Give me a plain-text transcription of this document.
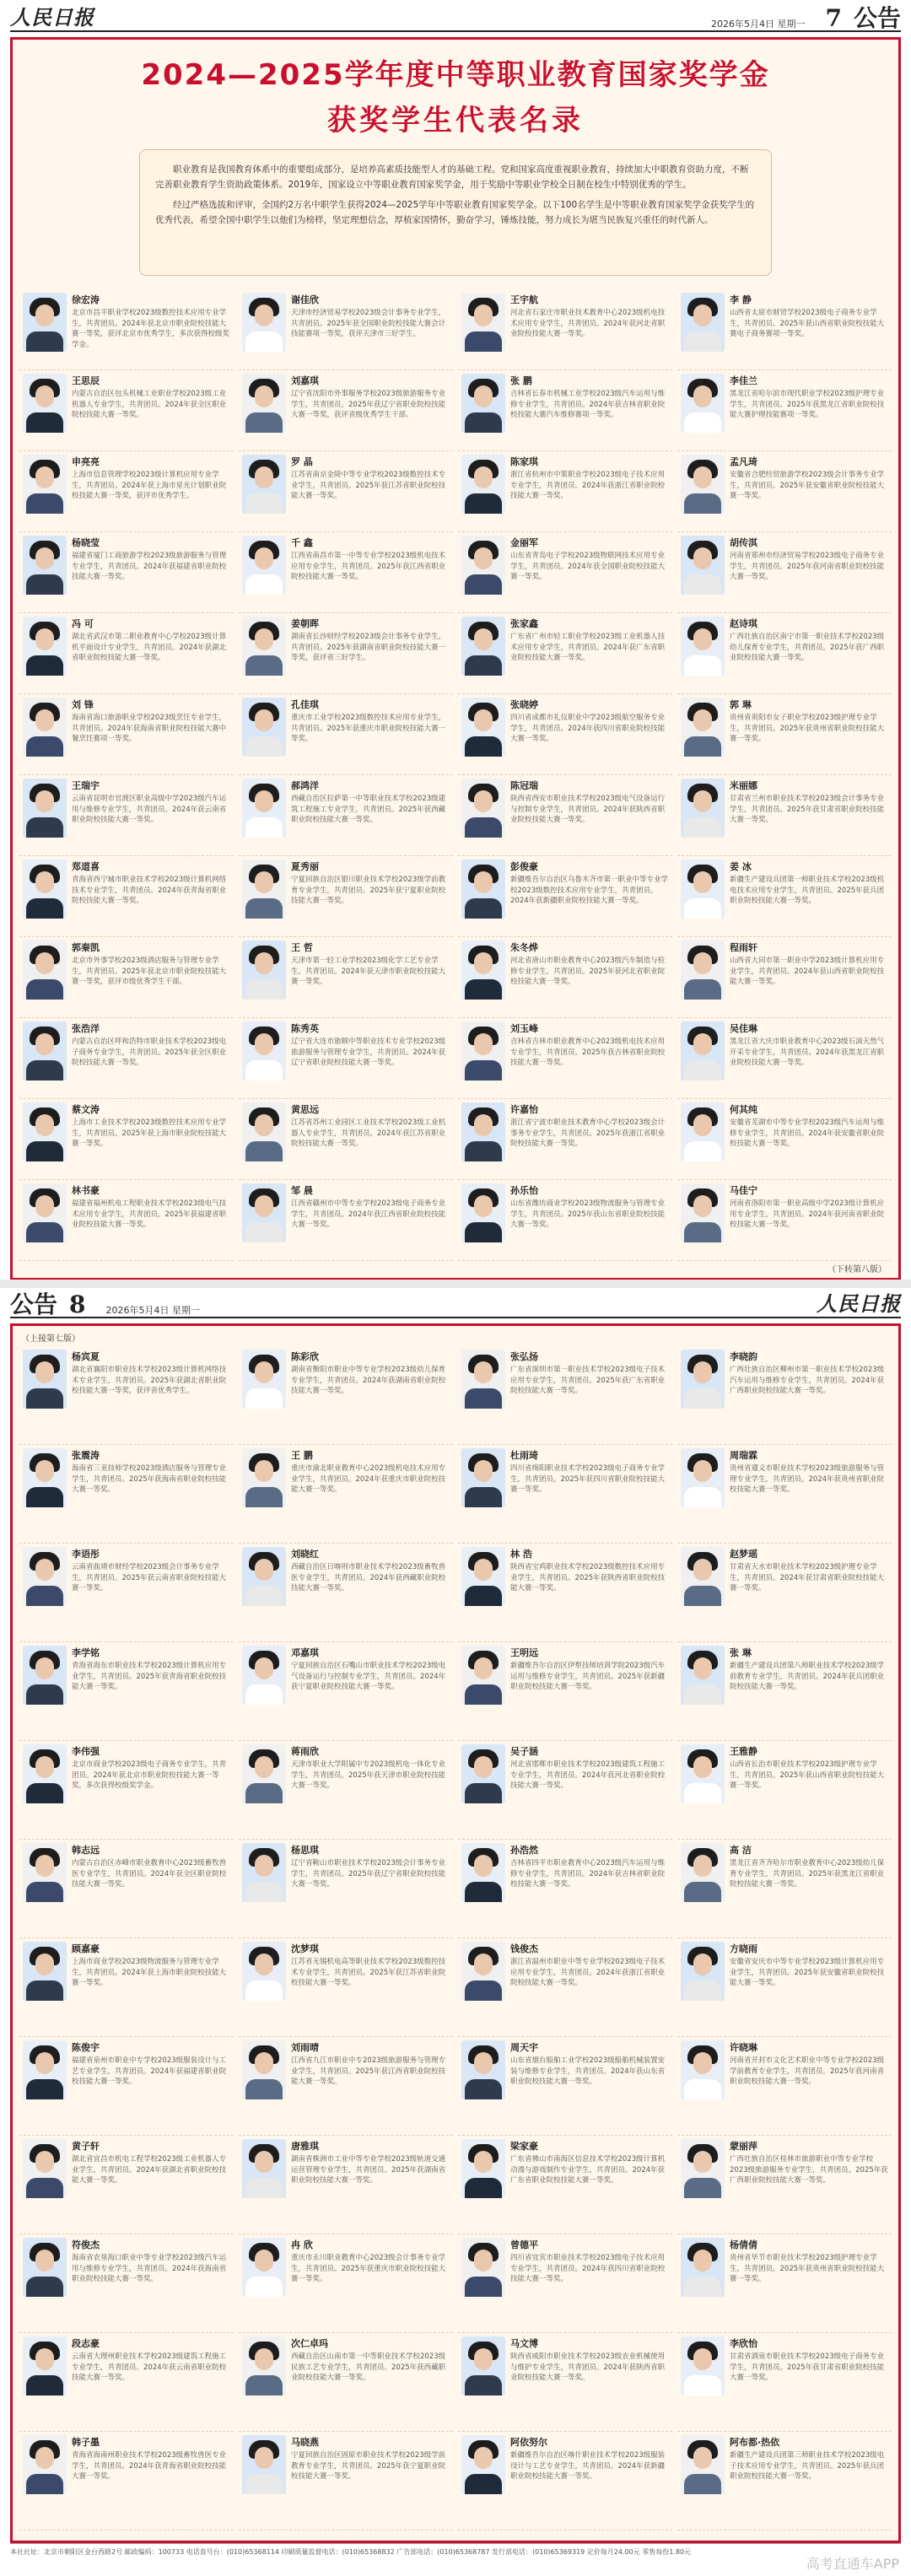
人民日报	2026年5月4日 星期一 7 公告
2024—2025学年度中等职业教育国家奖学金
获奖学生代表名录

职业教育是我国教育体系中的重要组成部分，是培养高素质技能型人才的基础工程。党和国家高度重视职业教育，持续加大中职教育资助力度，不断完善职业教育学生资助政策体系。2019年，国家设立中等职业教育国家奖学金，用于奖励中等职业学校全日制在校生中特别优秀的学生。

经过严格选拔和评审，全国约2万名中职学生获得2024—2025学年中等职业教育国家奖学金。以下100名学生是中等职业教育国家奖学金获奖学生的优秀代表，希望全国中职学生以他们为榜样，坚定理想信念，厚植家国情怀，勤奋学习，锤炼技能，努力成长为堪当民族复兴重任的时代新人。

徐宏涛
北京市昌平职业学校2023级数控技术应用专业学生，共青团员。2024年获北京市职业院校技能大赛一等奖，获评北京市优秀学生，多次获得校级奖学金。
谢佳欣
天津市经济贸易学校2023级会计事务专业学生，共青团员。2025年获全国职业院校技能大赛会计技能赛项一等奖，获评天津市三好学生。
王宇航
河北省石家庄市职业技术教育中心2023级机电技术应用专业学生，共青团员。2024年获河北省职业院校技能大赛一等奖。
李 静
山西省太原市财贸学校2023级电子商务专业学生，共青团员。2025年获山西省职业院校技能大赛电子商务赛项一等奖。
王思辰
内蒙古自治区包头机械工业职业学校2023级工业机器人专业学生，共青团员。2024年获全区职业院校技能大赛一等奖。
刘嘉琪
辽宁省沈阳市外事服务学校2023级旅游服务专业学生，共青团员。2025年获辽宁省职业院校技能大赛一等奖，获评省级优秀学生干部。
张 鹏
吉林省长春市机械工业学校2023级汽车运用与维修专业学生，共青团员。2024年获吉林省职业院校技能大赛汽车维修赛项一等奖。
李佳兰
黑龙江省哈尔滨市现代职业学校2023级护理专业学生，共青团员。2025年获黑龙江省职业院校技能大赛护理技能赛项一等奖。
申亮亮
上海市信息管理学校2023级计算机应用专业学生，共青团员。2024年获上海市星光计划职业院校技能大赛一等奖，获评市优秀学生。
罗 晶
江苏省南京金陵中等专业学校2023级数控技术专业学生，共青团员。2025年获江苏省职业院校技能大赛一等奖。
陈家琪
浙江省杭州市中策职业学校2023级电子技术应用专业学生，共青团员。2024年获浙江省职业院校技能大赛一等奖。
孟凡琦
安徽省合肥经贸旅游学校2023级会计事务专业学生，共青团员。2025年获安徽省职业院校技能大赛一等奖。
杨晓莹
福建省厦门工商旅游学校2023级旅游服务与管理专业学生，共青团员。2024年获福建省职业院校技能大赛一等奖。
千 鑫
江西省南昌市第一中等专业学校2023级机电技术应用专业学生，共青团员。2025年获江西省职业院校技能大赛一等奖。
金丽军
山东省青岛电子学校2023级物联网技术应用专业学生，共青团员。2024年获全国职业院校技能大赛一等奖。
胡传淇
河南省郑州市经济贸易学校2023级电子商务专业学生，共青团员。2025年获河南省职业院校技能大赛一等奖。
冯 可
湖北省武汉市第二职业教育中心学校2023级计算机平面设计专业学生，共青团员。2024年获湖北省职业院校技能大赛一等奖。
姜朝晖
湖南省长沙财经学校2023级会计事务专业学生，共青团员。2025年获湖南省职业院校技能大赛一等奖，获评省三好学生。
张家鑫
广东省广州市轻工职业学校2023级工业机器人技术应用专业学生，共青团员。2024年获广东省职业院校技能大赛一等奖。
赵诗琪
广西壮族自治区南宁市第一职业技术学校2023级幼儿保育专业学生，共青团员。2025年获广西职业院校技能大赛一等奖。
刘 锋
海南省海口旅游职业学校2023级烹饪专业学生，共青团员。2024年获海南省职业院校技能大赛中餐烹饪赛项一等奖。
孔佳琪
重庆市工业学校2023级数控技术应用专业学生，共青团员。2025年获重庆市职业院校技能大赛一等奖。
张晓婷
四川省成都市礼仪职业中学2023级航空服务专业学生，共青团员。2024年获四川省职业院校技能大赛一等奖。
郭 琳
贵州省贵阳市女子职业学校2023级护理专业学生，共青团员。2025年获贵州省职业院校技能大赛一等奖。
王瑞宇
云南省昆明市官渡区职业高级中学2023级汽车运用与维修专业学生，共青团员。2024年获云南省职业院校技能大赛一等奖。
郝鸿洋
西藏自治区拉萨第一中等职业技术学校2023级建筑工程施工专业学生，共青团员。2025年获西藏职业院校技能大赛一等奖。
陈冠瑞
陕西省西安市职业技术学校2023级电气设备运行与控制专业学生，共青团员。2024年获陕西省职业院校技能大赛一等奖。
米丽娜
甘肃省兰州市职业技术学校2023级会计事务专业学生，共青团员。2025年获甘肃省职业院校技能大赛一等奖。
郑道喜
青海省西宁城市职业技术学校2023级计算机网络技术专业学生，共青团员。2024年获青海省职业院校技能大赛一等奖。
夏秀丽
宁夏回族自治区银川职业技术学校2023级学前教育专业学生，共青团员。2025年获宁夏职业院校技能大赛一等奖。
彭俊豪
新疆维吾尔自治区乌鲁木齐市第一职业中等专业学校2023级数控技术应用专业学生，共青团员。2024年获新疆职业院校技能大赛一等奖。
姜 冰
新疆生产建设兵团第一师职业技术学校2023级机电技术应用专业学生，共青团员。2025年获兵团职业院校技能大赛一等奖。
郭秦凯
北京市外事学校2023级酒店服务与管理专业学生，共青团员。2025年获北京市职业院校技能大赛一等奖，获评市级优秀学生干部。
王 哲
天津市第一轻工业学校2023级化学工艺专业学生，共青团员。2024年获天津市职业院校技能大赛一等奖。
朱冬烨
河北省唐山市职业教育中心2023级汽车制造与检修专业学生，共青团员。2025年获河北省职业院校技能大赛一等奖。
程雨轩
山西省大同市第一职业中学2023级计算机应用专业学生，共青团员。2024年获山西省职业院校技能大赛一等奖。
张浩洋
内蒙古自治区呼和浩特市职业技术学校2023级电子商务专业学生，共青团员。2025年获全区职业院校技能大赛一等奖。
陈秀英
辽宁省大连市旅顺中等职业技术专业学校2023级旅游服务与管理专业学生，共青团员。2024年获辽宁省职业院校技能大赛一等奖。
刘玉峰
吉林省吉林市职业教育中心2023级机电技术应用专业学生，共青团员。2025年获吉林省职业院校技能大赛一等奖。
吴佳琳
黑龙江省大庆市职业教育中心2023级石油天然气开采专业学生，共青团员。2024年获黑龙江省职业院校技能大赛一等奖。
蔡文涛
上海市工业技术学校2023级数控技术应用专业学生，共青团员。2025年获上海市职业院校技能大赛一等奖。
黄思远
江苏省苏州工业园区工业技术学校2023级工业机器人专业学生，共青团员。2024年获江苏省职业院校技能大赛一等奖。
许嘉怡
浙江省宁波市职业技术教育中心学校2023级会计事务专业学生，共青团员。2025年获浙江省职业院校技能大赛一等奖。
何其纯
安徽省芜湖市中等专业学校2023级汽车运用与维修专业学生，共青团员。2024年获安徽省职业院校技能大赛一等奖。
林书豪
福建省福州机电工程职业技术学校2023级电气技术应用专业学生，共青团员。2025年获福建省职业院校技能大赛一等奖。
邹 晨
江西省赣州市中等专业学校2023级电子商务专业学生，共青团员。2024年获江西省职业院校技能大赛一等奖。
孙乐怡
山东省潍坊商业学校2023级物流服务与管理专业学生，共青团员。2025年获山东省职业院校技能大赛一等奖。
马佳宁
河南省洛阳市第一职业高级中学2023级计算机应用专业学生，共青团员。2024年获河南省职业院校技能大赛一等奖。
（下转第八版）
公告 8 2026年5月4日 星期一	人民日报
（上接第七版）
杨宾夏
湖北省襄阳市职业技术学校2023级计算机网络技术专业学生，共青团员。2025年获湖北省职业院校技能大赛一等奖，获评省优秀学生。
陈彩欣
湖南省衡阳市职业中等专业学校2023级幼儿保育专业学生，共青团员。2024年获湖南省职业院校技能大赛一等奖。
张弘扬
广东省深圳市第一职业技术学校2023级电子技术应用专业学生，共青团员。2025年获广东省职业院校技能大赛一等奖。
李晓韵
广西壮族自治区柳州市第一职业技术学校2023级汽车运用与维修专业学生，共青团员。2024年获广西职业院校技能大赛一等奖。
张震涛
海南省三亚技师学校2023级酒店服务与管理专业学生，共青团员。2025年获海南省职业院校技能大赛一等奖。
王 鹏
重庆市渝北职业教育中心2023级机电技术应用专业学生，共青团员。2024年获重庆市职业院校技能大赛一等奖。
杜雨琦
四川省绵阳职业技术学校2023级电子商务专业学生，共青团员。2025年获四川省职业院校技能大赛一等奖。
周瑞霖
贵州省遵义市职业技术学校2023级旅游服务与管理专业学生，共青团员。2024年获贵州省职业院校技能大赛一等奖。
李语彤
云南省曲靖市财经学校2023级会计事务专业学生，共青团员。2025年获云南省职业院校技能大赛一等奖。
刘晓红
西藏自治区日喀则市职业技术学校2023级畜牧兽医专业学生，共青团员。2024年获西藏职业院校技能大赛一等奖。
林 浩
陕西省宝鸡职业技术学校2023级数控技术应用专业学生，共青团员。2025年获陕西省职业院校技能大赛一等奖。
赵梦瑶
甘肃省天水市职业技术学校2023级护理专业学生，共青团员。2024年获甘肃省职业院校技能大赛一等奖。
李学铭
青海省海东市职业技术学校2023级计算机应用专业学生，共青团员。2025年获青海省职业院校技能大赛一等奖。
邓嘉琪
宁夏回族自治区石嘴山市职业技术学校2023级电气设备运行与控制专业学生，共青团员。2024年获宁夏职业院校技能大赛一等奖。
王明远
新疆维吾尔自治区伊犁技师培训学院2023级汽车运用与维修专业学生，共青团员。2025年获新疆职业院校技能大赛一等奖。
张 琳
新疆生产建设兵团第八师职业技术学校2023级学前教育专业学生，共青团员。2024年获兵团职业院校技能大赛一等奖。
李伟强
北京市商业学校2023级电子商务专业学生，共青团员。2024年获北京市职业院校技能大赛一等奖，多次获得校级奖学金。
蒋雨欣
天津市职业大学附属中专2023级机电一体化专业学生，共青团员。2025年获天津市职业院校技能大赛一等奖。
吴子涵
河北省邯郸市职业技术学校2023级建筑工程施工专业学生，共青团员。2024年获河北省职业院校技能大赛一等奖。
王雅静
山西省长治市职业技术学校2023级护理专业学生，共青团员。2025年获山西省职业院校技能大赛一等奖。
韩志远
内蒙古自治区赤峰市职业教育中心2023级畜牧兽医专业学生，共青团员。2024年获全区职业院校技能大赛一等奖。
杨思琪
辽宁省鞍山市职业技术学校2023级会计事务专业学生，共青团员。2025年获辽宁省职业院校技能大赛一等奖。
孙浩然
吉林省四平市职业教育中心2023级汽车运用与维修专业学生，共青团员。2024年获吉林省职业院校技能大赛一等奖。
高 洁
黑龙江省齐齐哈尔市职业教育中心2023级幼儿保育专业学生，共青团员。2025年获黑龙江省职业院校技能大赛一等奖。
顾嘉豪
上海市商业学校2023级物流服务与管理专业学生，共青团员。2024年获上海市职业院校技能大赛一等奖。
沈梦琪
江苏省无锡机电高等职业技术学校2023级数控技术专业学生，共青团员。2025年获江苏省职业院校技能大赛一等奖。
钱俊杰
浙江省温州市职业中等专业学校2023级电子技术应用专业学生，共青团员。2024年获浙江省职业院校技能大赛一等奖。
方晓雨
安徽省安庆市中等专业学校2023级计算机应用专业学生，共青团员。2025年获安徽省职业院校技能大赛一等奖。
陈俊宇
福建省泉州市职业中专学校2023级服装设计与工艺专业学生，共青团员。2024年获福建省职业院校技能大赛一等奖。
刘雨晴
江西省九江市职业中专2023级旅游服务与管理专业学生，共青团员。2025年获江西省职业院校技能大赛一等奖。
周天宇
山东省烟台船舶工业学校2023级船舶机械装置安装与维修专业学生，共青团员。2024年获山东省职业院校技能大赛一等奖。
许晓琳
河南省开封市文化艺术职业中等专业学校2023级学前教育专业学生，共青团员。2025年获河南省职业院校技能大赛一等奖。
黄子轩
湖北省宜昌市机电工程学校2023级工业机器人专业学生，共青团员。2024年获湖北省职业院校技能大赛一等奖。
唐雅琪
湖南省株洲市工业中等专业学校2023级轨道交通运营管理专业学生，共青团员。2025年获湖南省职业院校技能大赛一等奖。
梁家豪
广东省佛山市南海区信息技术学校2023级计算机动漫与游戏制作专业学生，共青团员。2024年获广东省职业院校技能大赛一等奖。
蒙丽萍
广西壮族自治区桂林市旅游职业中等专业学校2023级旅游服务专业学生，共青团员。2025年获广西职业院校技能大赛一等奖。
符俊杰
海南省农垦海口职业中等专业学校2023级汽车运用与维修专业学生，共青团员。2024年获海南省职业院校技能大赛一等奖。
冉 欣
重庆市永川职业教育中心2023级会计事务专业学生，共青团员。2025年获重庆市职业院校技能大赛一等奖。
曾德平
四川省宜宾市职业技术学校2023级电子技术应用专业学生，共青团员。2024年获四川省职业院校技能大赛一等奖。
杨倩倩
贵州省毕节市职业技术学校2023级护理专业学生，共青团员。2025年获贵州省职业院校技能大赛一等奖。
段志豪
云南省大理州职业技术学校2023级建筑工程施工专业学生，共青团员。2024年获云南省职业院校技能大赛一等奖。
次仁卓玛
西藏自治区山南市第一中等职业技术学校2023级民族工艺专业学生，共青团员。2025年获西藏职业院校技能大赛一等奖。
马文博
陕西省咸阳市职业技术学校2023级农业机械使用与维护专业学生，共青团员。2024年获陕西省职业院校技能大赛一等奖。
李欣怡
甘肃省酒泉市职业技术学校2023级电子商务专业学生，共青团员。2025年获甘肃省职业院校技能大赛一等奖。
韩子墨
青海省海南州职业技术学校2023级畜牧兽医专业学生，共青团员。2024年获青海省职业院校技能大赛一等奖。
马晓燕
宁夏回族自治区固原市职业技术学校2023级学前教育专业学生，共青团员。2025年获宁夏职业院校技能大赛一等奖。
阿依努尔
新疆维吾尔自治区喀什职业技术学校2023级服装设计与工艺专业学生，共青团员。2024年获新疆职业院校技能大赛一等奖。
阿布都·热依
新疆生产建设兵团第三师职业技术学校2023级电子技术应用专业学生，共青团员。2025年获兵团职业院校技能大赛一等奖。
本社社址：北京市朝阳区金台西路2号 邮政编码：100733 电话查号台：(010)65368114 印刷质量监督电话：(010)65368832 广告部电话：(010)65368787 发行部电话：(010)65369319 定价每月24.00元 零售每份1.80元
高考直通车APP
